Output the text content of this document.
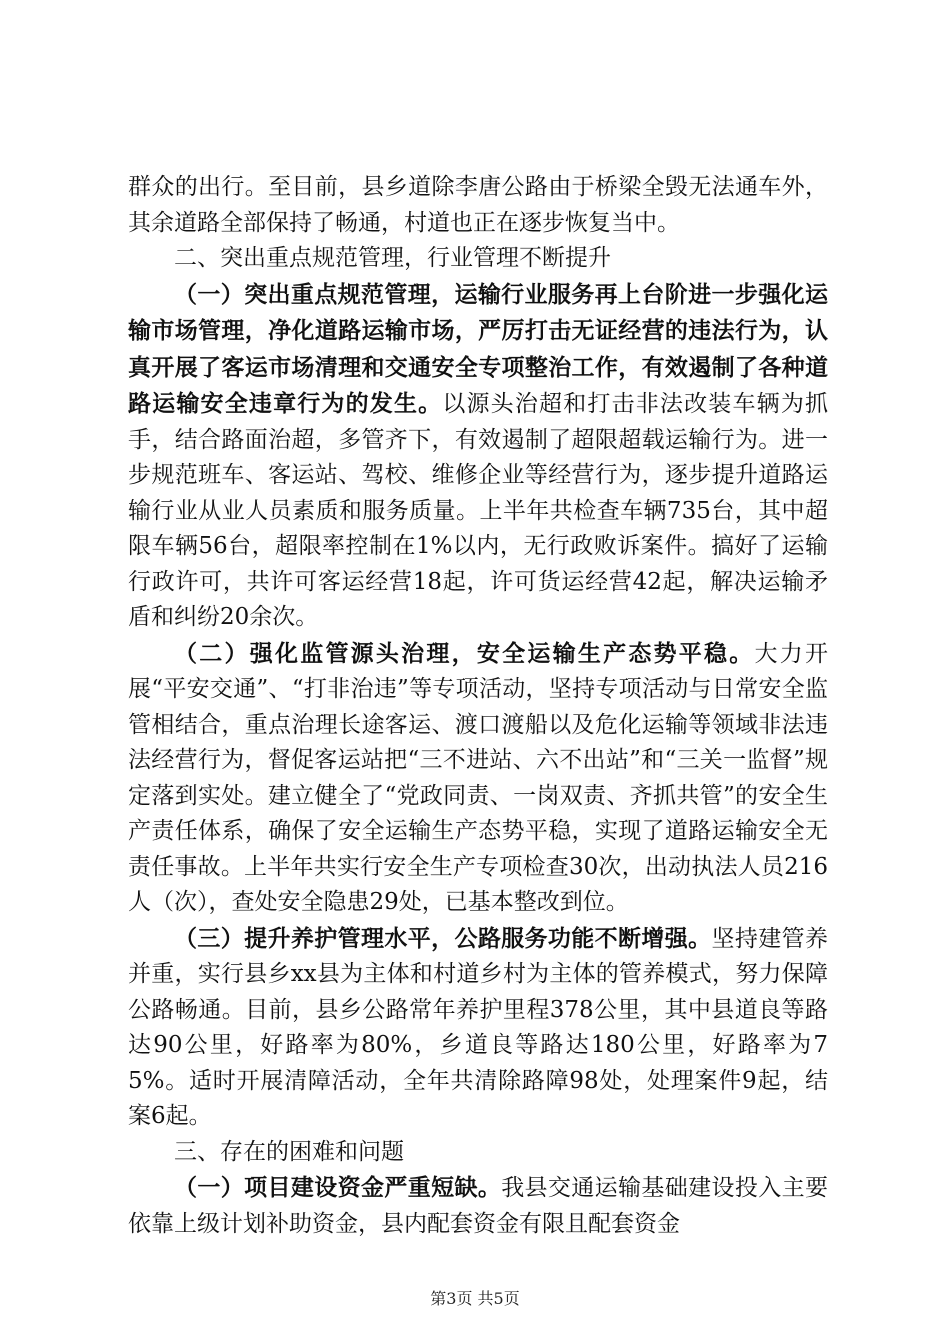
群众的出行。至目前，县乡道除李唐公路由于桥梁全毁无法通车外，其余道路全部保持了畅通，村道也正在逐步恢复当中。

二、突出重点规范管理，行业管理不断提升

（一）突出重点规范管理，运输行业服务再上台阶进一步强化运输市场管理，净化道路运输市场，严厉打击无证经营的违法行为，认真开展了客运市场清理和交通安全专项整治工作，有效遏制了各种道路运输安全违章行为的发生。以源头治超和打击非法改装车辆为抓手，结合路面治超，多管齐下，有效遏制了超限超载运输行为。进一步规范班车、客运站、驾校、维修企业等经营行为，逐步提升道路运输行业从业人员素质和服务质量。上半年共检查车辆735台，其中超限车辆56台，超限率控制在1%以内，无行政败诉案件。搞好了运输行政许可，共许可客运经营18起，许可货运经营42起，解决运输矛盾和纠纷20余次。

（二）强化监管源头治理，安全运输生产态势平稳。大力开展“平安交通”、“打非治违”等专项活动，坚持专项活动与日常安全监管相结合，重点治理长途客运、渡口渡船以及危化运输等领域非法违法经营行为，督促客运站把“三不进站、六不出站”和“三关一监督”规定落到实处。建立健全了“党政同责、一岗双责、齐抓共管”的安全生产责任体系，确保了安全运输生产态势平稳，实现了道路运输安全无责任事故。上半年共实行安全生产专项检查30次，出动执法人员216人（次），查处安全隐患29处，已基本整改到位。

（三）提升养护管理水平，公路服务功能不断增强。坚持建管养并重，实行县乡xx县为主体和村道乡村为主体的管养模式，努力保障公路畅通。目前，县乡公路常年养护里程378公里，其中县道良等路达90公里，好路率为80%，乡道良等路达180公里，好路率为75%。适时开展清障活动，全年共清除路障98处，处理案件9起，结案6起。

三、存在的困难和问题

（一）项目建设资金严重短缺。我县交通运输基础建设投入主要依靠上级计划补助资金，县内配套资金有限且配套资金

第3页 共5页
